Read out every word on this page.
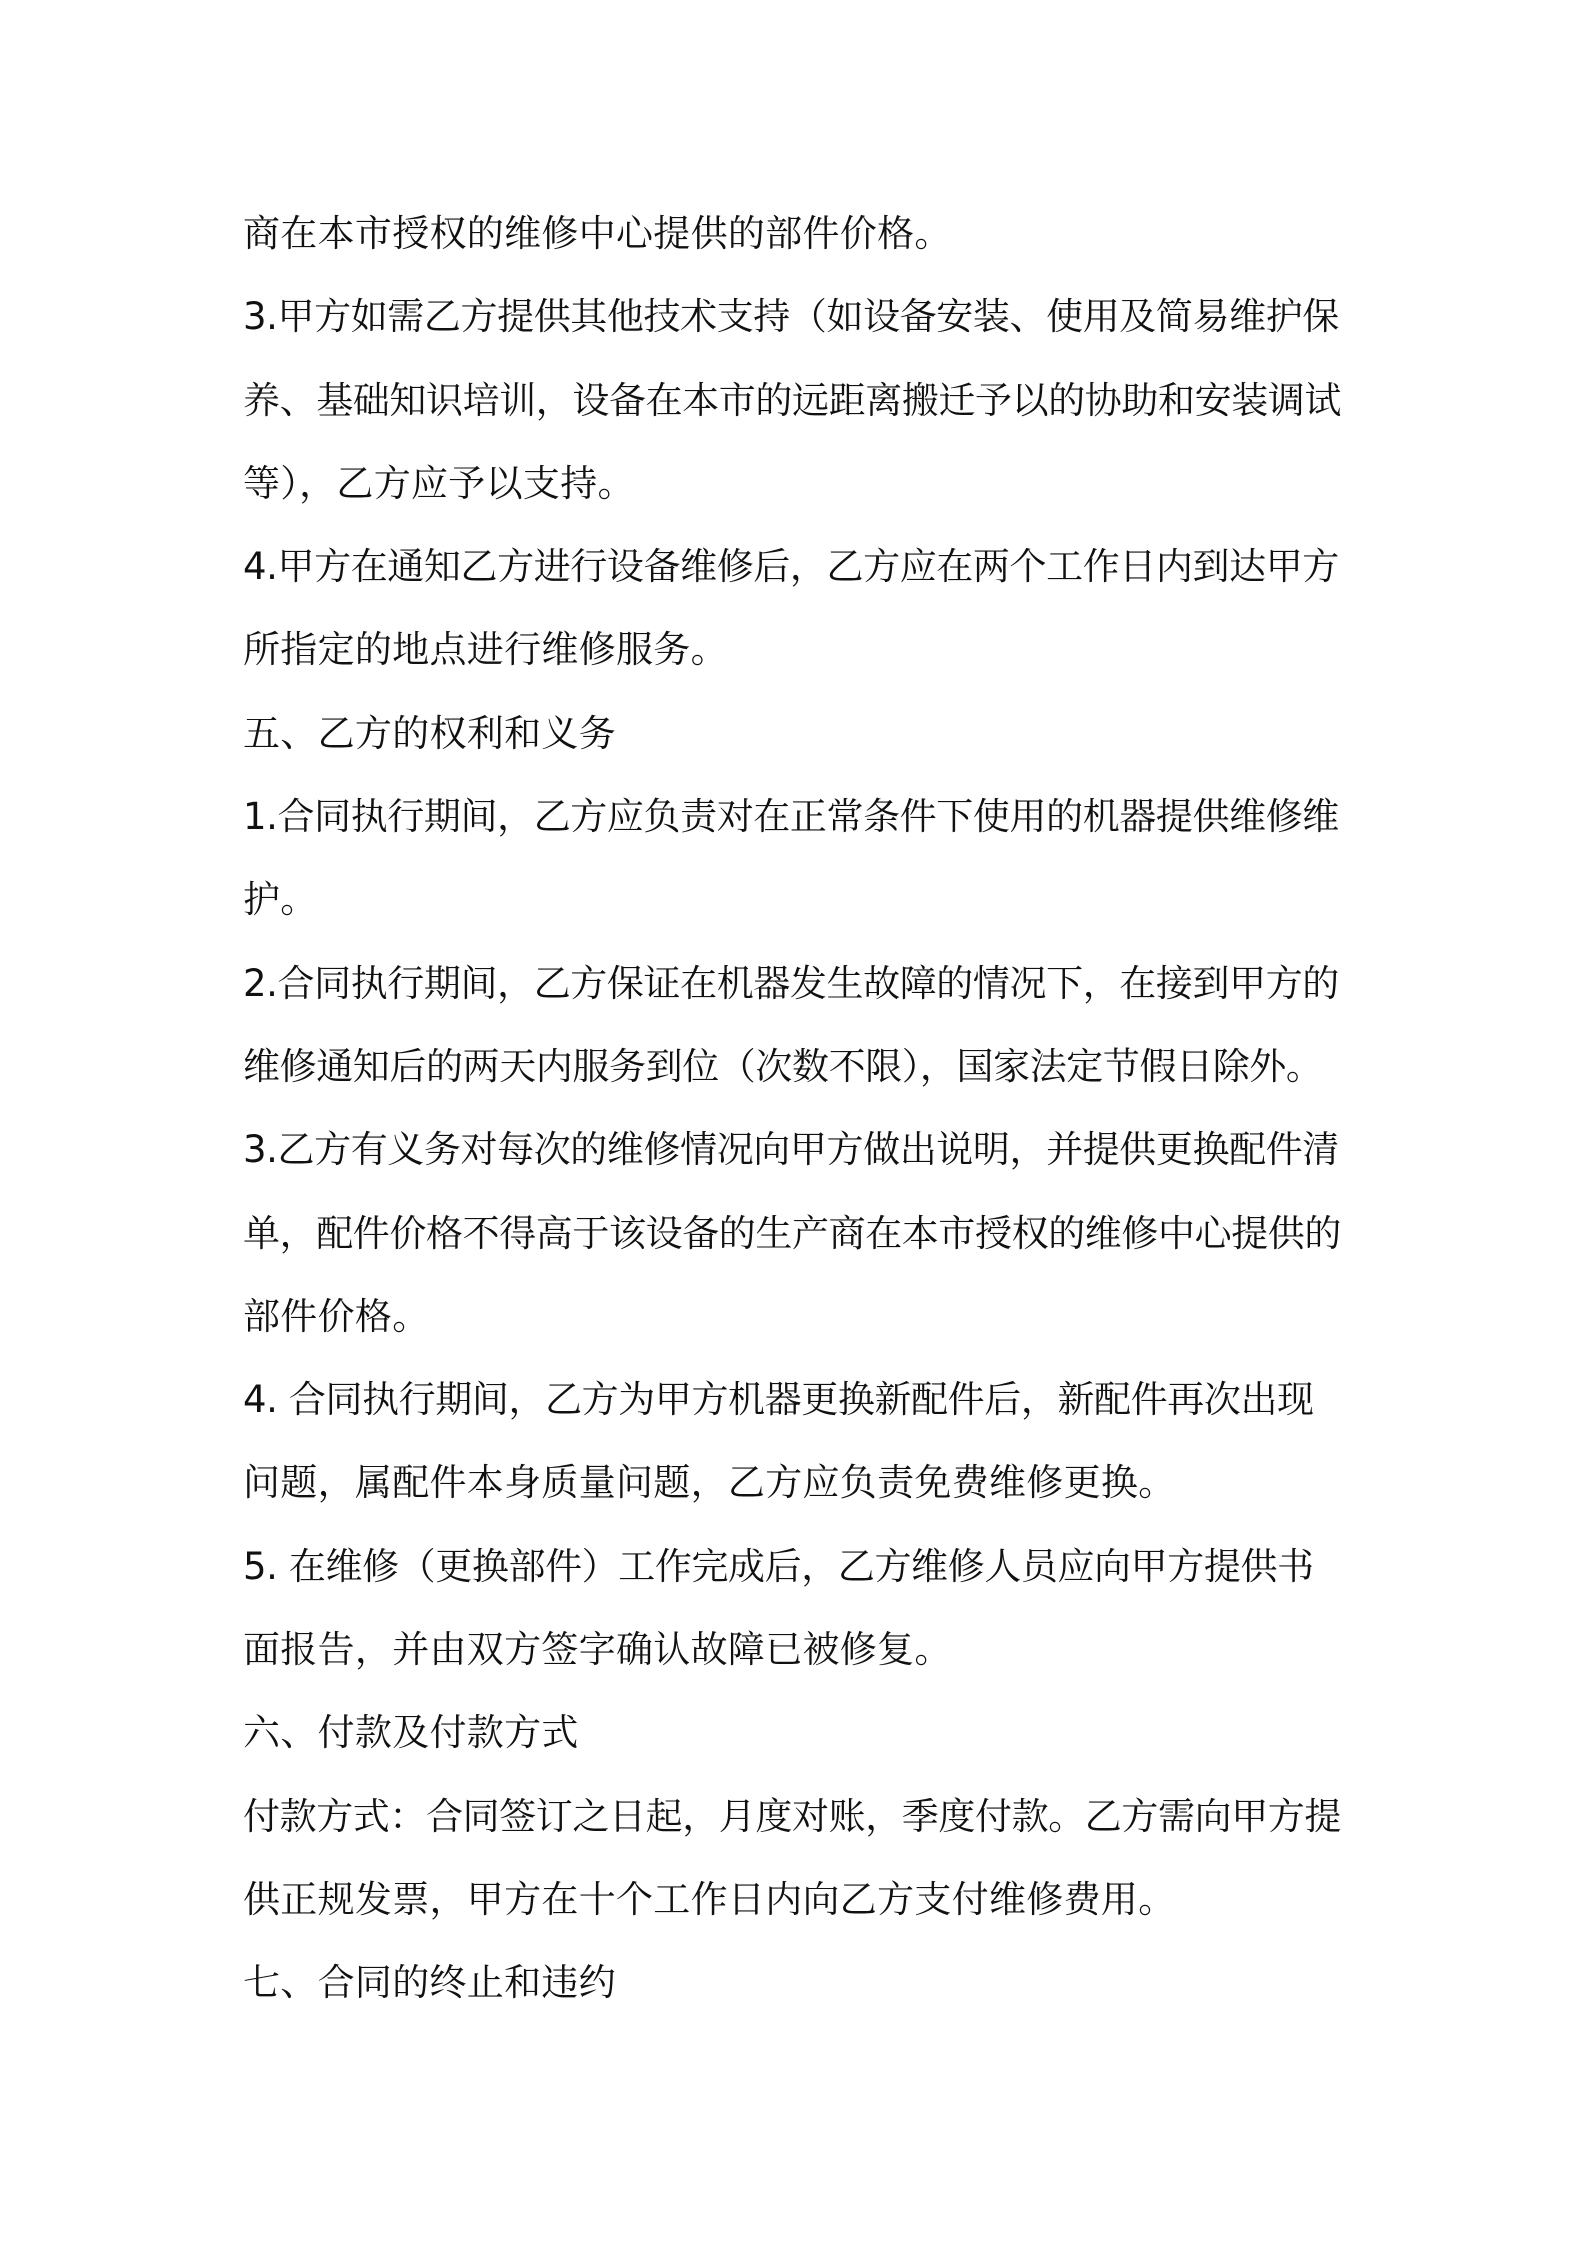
商在本市授权的维修中心提供的部件价格。
3.甲方如需乙方提供其他技术支持（如设备安装、使用及简易维护保
养、基础知识培训，设备在本市的远距离搬迁予以的协助和安装调试
等），乙方应予以支持。
4.甲方在通知乙方进行设备维修后，乙方应在两个工作日内到达甲方
所指定的地点进行维修服务。
五、乙方的权利和义务
1.合同执行期间，乙方应负责对在正常条件下使用的机器提供维修维
护。
2.合同执行期间，乙方保证在机器发生故障的情况下，在接到甲方的
维修通知后的两天内服务到位（次数不限），国家法定节假日除外。
3.乙方有义务对每次的维修情况向甲方做出说明，并提供更换配件清
单，配件价格不得高于该设备的生产商在本市授权的维修中心提供的
部件价格。
4. 合同执行期间，乙方为甲方机器更换新配件后，新配件再次出现
问题，属配件本身质量问题，乙方应负责免费维修更换。
5. 在维修（更换部件）工作完成后，乙方维修人员应向甲方提供书
面报告，并由双方签字确认故障已被修复。
六、付款及付款方式
付款方式：合同签订之日起，月度对账，季度付款。乙方需向甲方提
供正规发票，甲方在十个工作日内向乙方支付维修费用。
七、合同的终止和违约
